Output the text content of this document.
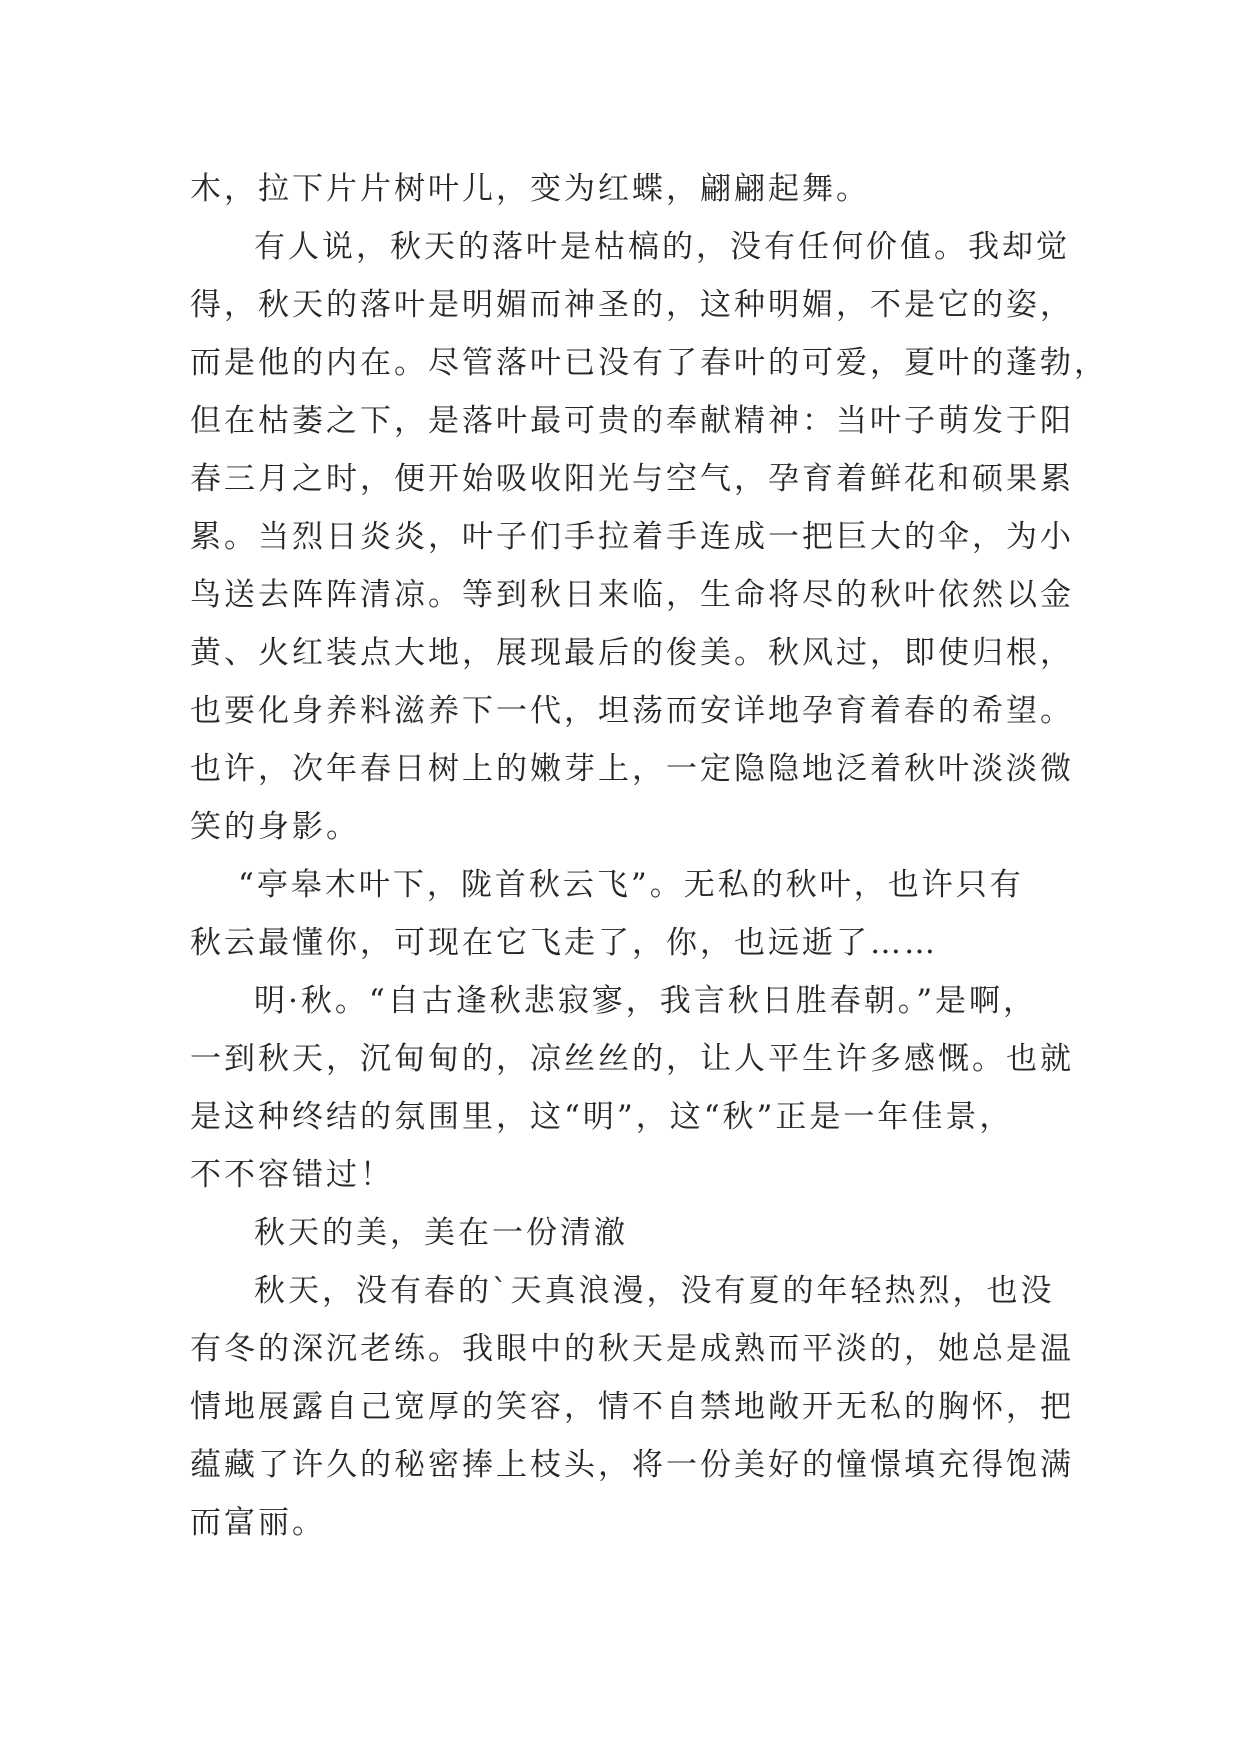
木，拉下片片树叶儿，变为红蝶，翩翩起舞。
有人说，秋天的落叶是枯槁的，没有任何价值。我却觉
得，秋天的落叶是明媚而神圣的，这种明媚，不是它的姿，
而是他的内在。尽管落叶已没有了春叶的可爱，夏叶的蓬勃，
但在枯萎之下，是落叶最可贵的奉献精神：当叶子萌发于阳
春三月之时，便开始吸收阳光与空气，孕育着鲜花和硕果累
累。当烈日炎炎，叶子们手拉着手连成一把巨大的伞，为小
鸟送去阵阵清凉。等到秋日来临，生命将尽的秋叶依然以金
黄、火红装点大地，展现最后的俊美。秋风过，即使归根，
也要化身养料滋养下一代，坦荡而安详地孕育着春的希望。
也许，次年春日树上的嫩芽上，一定隐隐地泛着秋叶淡淡微
笑的身影。
“亭皋木叶下，陇首秋云飞”。无私的秋叶，也许只有
秋云最懂你，可现在它飞走了，你，也远逝了……
明·秋。“自古逢秋悲寂寥，我言秋日胜春朝。”是啊，
一到秋天，沉甸甸的，凉丝丝的，让人平生许多感慨。也就
是这种终结的氛围里，这“明”，这“秋”正是一年佳景，
不不容错过！
秋天的美，美在一份清澈
秋天，没有春的`天真浪漫，没有夏的年轻热烈，也没
有冬的深沉老练。我眼中的秋天是成熟而平淡的，她总是温
情地展露自己宽厚的笑容，情不自禁地敞开无私的胸怀，把
蕴藏了许久的秘密捧上枝头，将一份美好的憧憬填充得饱满
而富丽。
